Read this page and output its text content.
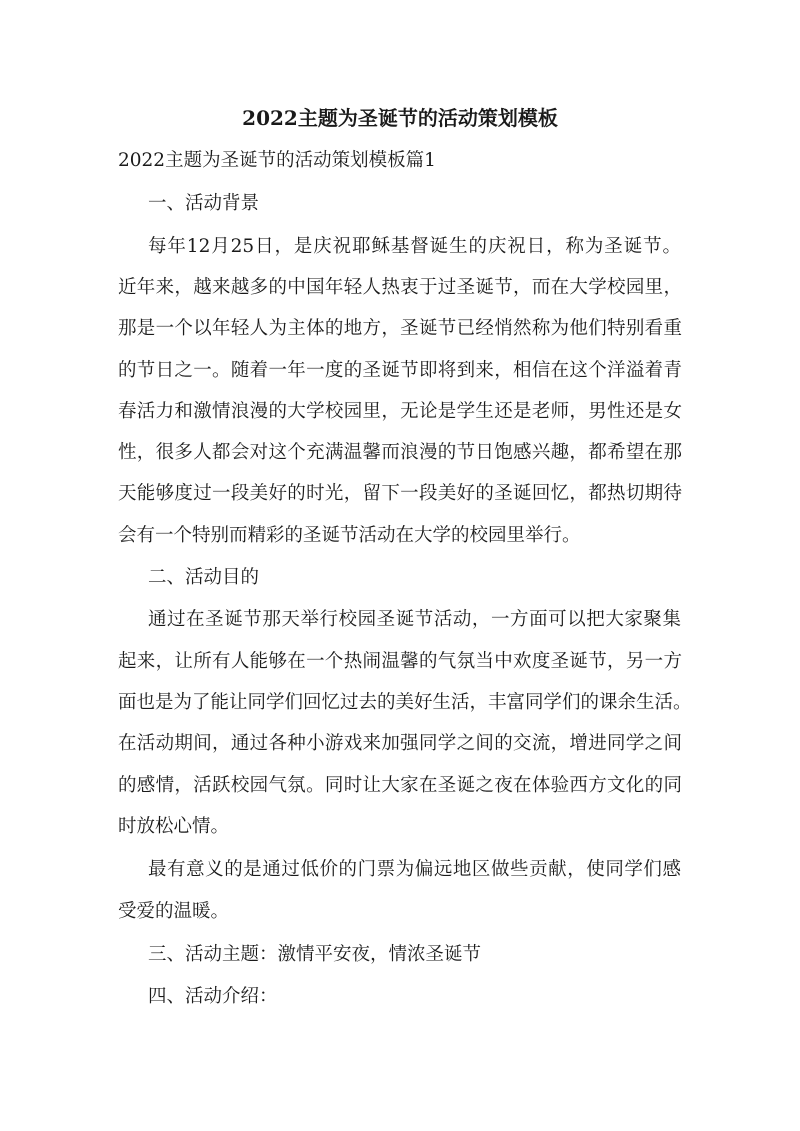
2022主题为圣诞节的活动策划模板
2022主题为圣诞节的活动策划模板篇1
一、活动背景
每年12月25日，是庆祝耶稣基督诞生的庆祝日，称为圣诞节。
近年来，越来越多的中国年轻人热衷于过圣诞节，而在大学校园里，
那是一个以年轻人为主体的地方，圣诞节已经悄然称为他们特别看重
的节日之一。随着一年一度的圣诞节即将到来，相信在这个洋溢着青
春活力和激情浪漫的大学校园里，无论是学生还是老师，男性还是女
性，很多人都会对这个充满温馨而浪漫的节日饱感兴趣，都希望在那
天能够度过一段美好的时光，留下一段美好的圣诞回忆，都热切期待
会有一个特别而精彩的圣诞节活动在大学的校园里举行。
二、活动目的
通过在圣诞节那天举行校园圣诞节活动，一方面可以把大家聚集
起来，让所有人能够在一个热闹温馨的气氛当中欢度圣诞节，另一方
面也是为了能让同学们回忆过去的美好生活，丰富同学们的课余生活。
在活动期间，通过各种小游戏来加强同学之间的交流，增进同学之间
的感情，活跃校园气氛。同时让大家在圣诞之夜在体验西方文化的同
时放松心情。
最有意义的是通过低价的门票为偏远地区做些贡献，使同学们感
受爱的温暖。
三、活动主题：激情平安夜，情浓圣诞节
四、活动介绍：
